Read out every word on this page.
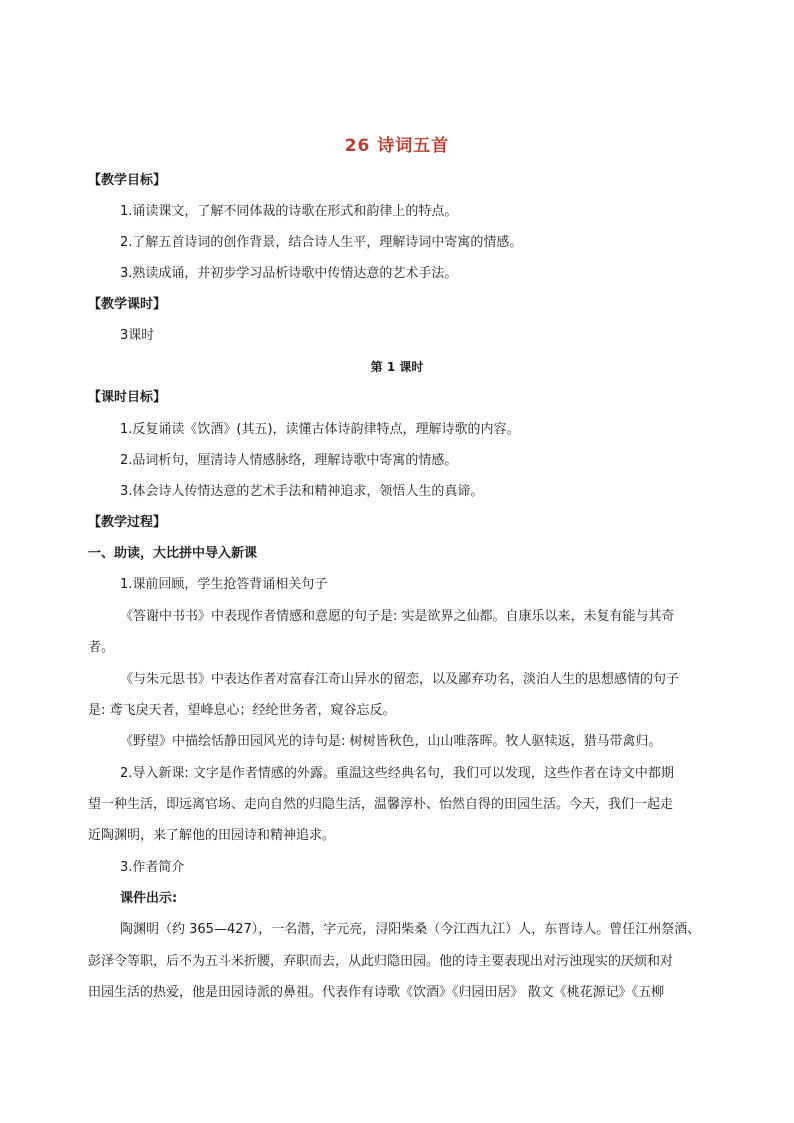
26 诗词五首
【教学目标】
1.诵读课文，了解不同体裁的诗歌在形式和韵律上的特点。
2.了解五首诗词的创作背景，结合诗人生平，理解诗词中寄寓的情感。
3.熟读成诵，并初步学习品析诗歌中传情达意的艺术手法。
【教学课时】
3课时
第 1 课时
【课时目标】
1.反复诵读《饮酒》(其五)，读懂古体诗韵律特点，理解诗歌的内容。
2.品词析句，厘清诗人情感脉络，理解诗歌中寄寓的情感。
3.体会诗人传情达意的艺术手法和精神追求，领悟人生的真谛。
【教学过程】
一、助读，大比拼中导入新课
1.课前回顾，学生抢答背诵相关句子
《答谢中书书》中表现作者情感和意愿的句子是: 实是欲界之仙都。自康乐以来，未复有能与其奇
者。
《与朱元思书》中表达作者对富春江奇山异水的留恋，以及鄙弃功名，淡泊人生的思想感情的句子
是: 鸢飞戾天者，望峰息心；经纶世务者，窥谷忘反。
《野望》中描绘恬静田园风光的诗句是: 树树皆秋色，山山唯落晖。牧人驱犊返，猎马带禽归。
2.导入新课: 文字是作者情感的外露。重温这些经典名句，我们可以发现，这些作者在诗文中都期
望一种生活，即远离官场、走向自然的归隐生活，温馨淳朴、怡然自得的田园生活。今天，我们一起走
近陶渊明，来了解他的田园诗和精神追求。
3.作者简介
课件出示:
陶渊明（约 365—427），一名潜，字元亮，浔阳柴桑（今江西九江）人，东晋诗人。曾任江州祭酒、
彭泽令等职，后不为五斗米折腰，弃职而去，从此归隐田园。他的诗主要表现出对污浊现实的厌烦和对
田园生活的热爱，他是田园诗派的鼻祖。代表作有诗歌《饮酒》《归园田居》 散文《桃花源记》《五柳
